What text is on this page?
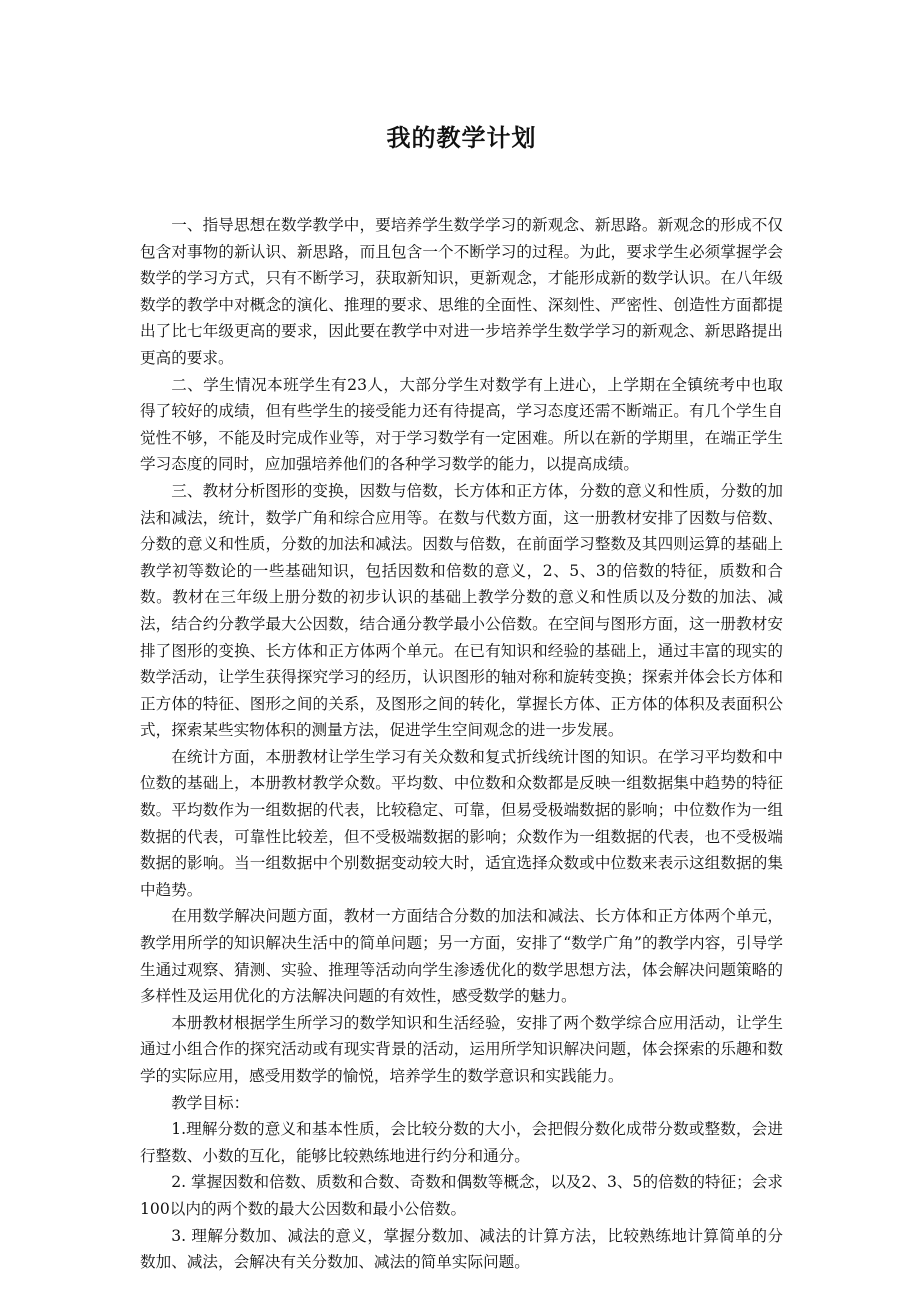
我的教学计划

一、指导思想在数学教学中，要培养学生数学学习的新观念、新思路。新观念的形成不仅包含对事物的新认识、新思路，而且包含一个不断学习的过程。为此，要求学生必须掌握学会数学的学习方式，只有不断学习，获取新知识，更新观念，才能形成新的数学认识。在八年级数学的教学中对概念的演化、推理的要求、思维的全面性、深刻性、严密性、创造性方面都提出了比七年级更高的要求，因此要在教学中对进一步培养学生数学学习的新观念、新思路提出更高的要求。

二、学生情况本班学生有23人，大部分学生对数学有上进心，上学期在全镇统考中也取得了较好的成绩，但有些学生的接受能力还有待提高，学习态度还需不断端正。有几个学生自觉性不够，不能及时完成作业等，对于学习数学有一定困难。所以在新的学期里，在端正学生学习态度的同时，应加强培养他们的各种学习数学的能力，以提高成绩。

三、教材分析图形的变换，因数与倍数，长方体和正方体，分数的意义和性质，分数的加法和减法，统计，数学广角和综合应用等。在数与代数方面，这一册教材安排了因数与倍数、分数的意义和性质，分数的加法和减法。因数与倍数，在前面学习整数及其四则运算的基础上教学初等数论的一些基础知识，包括因数和倍数的意义，2、5、3的倍数的特征，质数和合数。教材在三年级上册分数的初步认识的基础上教学分数的意义和性质以及分数的加法、减法，结合约分教学最大公因数，结合通分教学最小公倍数。在空间与图形方面，这一册教材安排了图形的变换、长方体和正方体两个单元。在已有知识和经验的基础上，通过丰富的现实的数学活动，让学生获得探究学习的经历，认识图形的轴对称和旋转变换；探索并体会长方体和正方体的特征、图形之间的关系，及图形之间的转化，掌握长方体、正方体的体积及表面积公式，探索某些实物体积的测量方法，促进学生空间观念的进一步发展。

在统计方面，本册教材让学生学习有关众数和复式折线统计图的知识。在学习平均数和中位数的基础上，本册教材教学众数。平均数、中位数和众数都是反映一组数据集中趋势的特征数。平均数作为一组数据的代表，比较稳定、可靠，但易受极端数据的影响；中位数作为一组数据的代表，可靠性比较差，但不受极端数据的影响；众数作为一组数据的代表，也不受极端数据的影响。当一组数据中个别数据变动较大时，适宜选择众数或中位数来表示这组数据的集中趋势。

在用数学解决问题方面，教材一方面结合分数的加法和减法、长方体和正方体两个单元，教学用所学的知识解决生活中的简单问题；另一方面，安排了“数学广角”的教学内容，引导学生通过观察、猜测、实验、推理等活动向学生渗透优化的数学思想方法，体会解决问题策略的多样性及运用优化的方法解决问题的有效性，感受数学的魅力。

本册教材根据学生所学习的数学知识和生活经验，安排了两个数学综合应用活动，让学生通过小组合作的探究活动或有现实背景的活动，运用所学知识解决问题，体会探索的乐趣和数学的实际应用，感受用数学的愉悦，培养学生的数学意识和实践能力。

教学目标：

1.理解分数的意义和基本性质，会比较分数的大小，会把假分数化成带分数或整数，会进行整数、小数的互化，能够比较熟练地进行约分和通分。

2. 掌握因数和倍数、质数和合数、奇数和偶数等概念，以及2、3、5的倍数的特征；会求100以内的两个数的最大公因数和最小公倍数。

3. 理解分数加、减法的意义，掌握分数加、减法的计算方法，比较熟练地计算简单的分数加、减法，会解决有关分数加、减法的简单实际问题。
